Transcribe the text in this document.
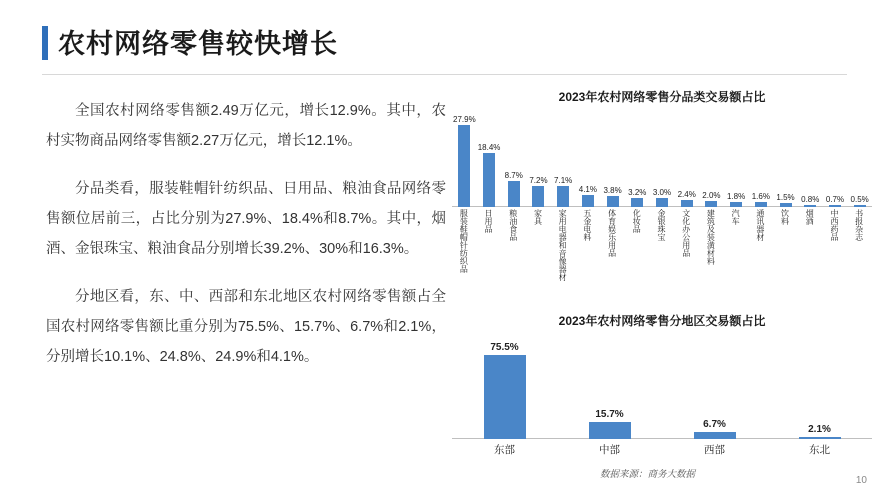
农村网络零售较快增长

全国农村网络零售额2.49万亿元，增长12.9%。其中，农村实物商品网络零售额2.27万亿元，增长12.1%。

分品类看，服装鞋帽针纺织品、日用品、粮油食品网络零售额位居前三，占比分别为27.9%、18.4%和8.7%。其中，烟酒、金银珠宝、粮油食品分别增长39.2%、30%和16.3%。

分地区看，东、中、西部和东北地区农村网络零售额占全国农村网络零售额比重分别为75.5%、15.7%、6.7%和2.1%，分别增长10.1%、24.8%、24.9%和4.1%。

2023年农村网络零售分品类交易额占比
27.9%
18.4%
8.7% 7.2% 7.1%
4.1% 3.8% 3.2% 3.0% 2.4% 2.0% 1.8% 1.6% 1.5% 0.8% 0.7% 0.5%
服装鞋帽针纺织品 日用品 粮油食品 家具 家用电器和音像器材 五金电料 体育娱乐用品 化妆品 金银珠宝 文化办公用品 建筑及装潢材料 汽车 通讯器材 饮料 烟酒 中西药品 书报杂志
2023年农村网络零售分地区交易额占比
75.5%
15.7%
6.7%	2.1%
东部	中部	西部	东北
数据来源：商务大数据
10
